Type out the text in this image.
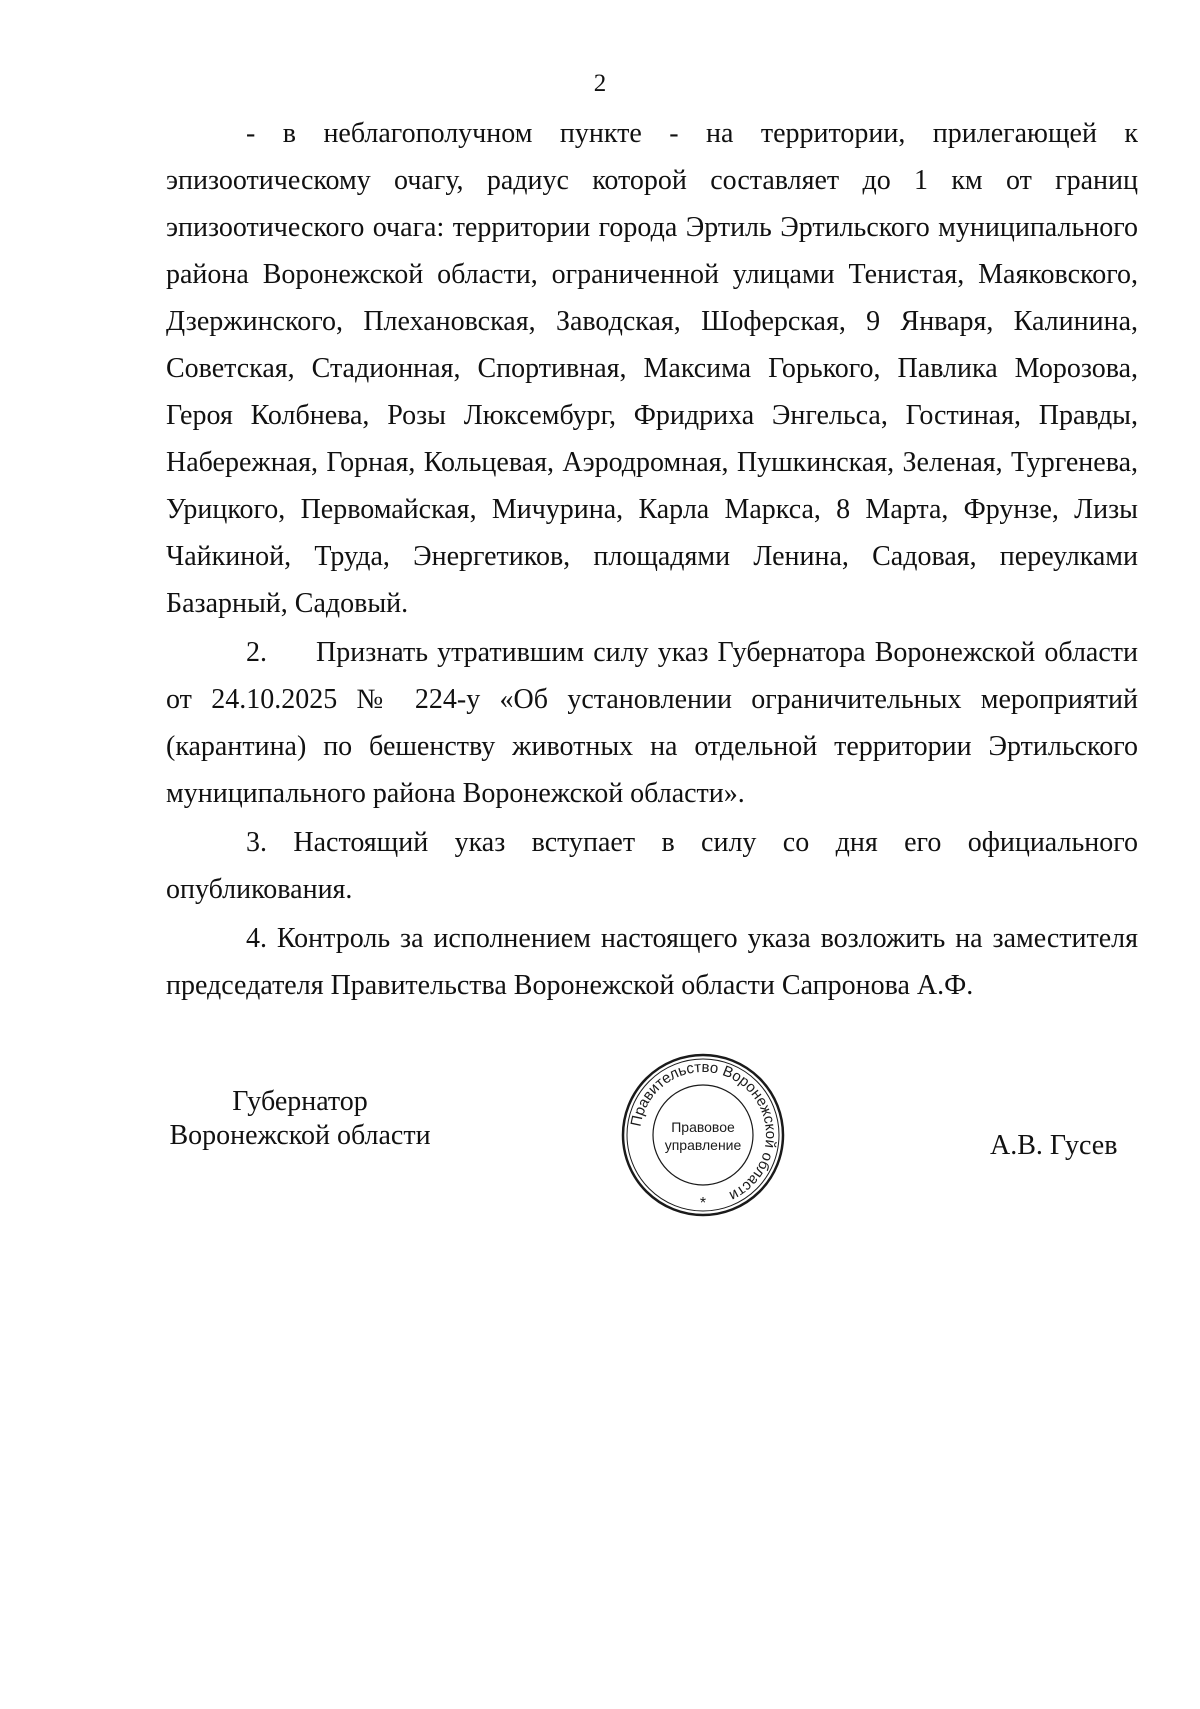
2

- в неблагополучном пункте - на территории, прилегающей к эпизоотическому очагу, радиус которой составляет до 1 км от границ эпизоотического очага: территории города Эртиль Эртильского муниципального района Воронежской области, ограниченной улицами Тенистая, Маяковского, Дзержинского, Плехановская, Заводская, Шоферская, 9 Января, Калинина, Советская, Стадионная, Спортивная, Максима Горького, Павлика Морозова, Героя Колбнева, Розы Люксембург, Фридриха Энгельса, Гостиная, Правды, Набережная, Горная, Кольцевая, Аэродромная, Пушкинская, Зеленая, Тургенева, Урицкого, Первомайская, Мичурина, Карла Маркса, 8 Марта, Фрунзе, Лизы Чайкиной, Труда, Энергетиков, площадями Ленина, Садовая, переулками Базарный, Садовый.

2. Признать утратившим силу указ Губернатора Воронежской области от 24.10.2025 № 224-у «Об установлении ограничительных мероприятий (карантина) по бешенству животных на отдельной территории Эртильского муниципального района Воронежской области».

3. Настоящий указ вступает в силу со дня его официального опубликования.

4. Контроль за исполнением настоящего указа возложить на заместителя председателя Правительства Воронежской области Сапронова А.Ф.

Губернатор
Воронежской области	А.В. Гусев
Правительство Воронежской области
Правовое
управление
*
